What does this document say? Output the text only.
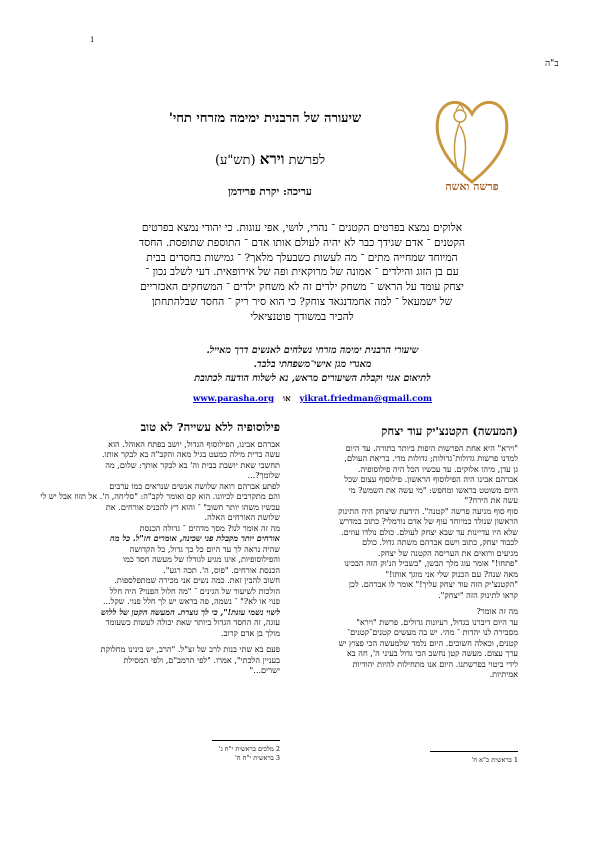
1
ב"ה
פרשה ואשה
שיעורה של הרבנית ימימה מזרחי תחי'
לפרשת וירא (תש"ע)
עריכה: יקרת פרידמן
אלוקים נמצא בפרטים הקטנים ־ נהרי, לושי, אפי עוגות. כי יהודי נמצא בפרטים
הקטנים ־ אדם שגידך כבר לא יהיה לעולם אותו אדם ־ התוספת שתופסת. החסד
המיוחד שמחייה מתים ־ מה לעשות כשבעלך מלאך? ־ גמישות בחסדים בבית
עם בן הזוג והילדים ־ אמונה של מרוקאית ופה של אירופאית. דעי לשלב נכון ־
יצחק עומד על הראש ־ משחק ילדים זה לא משחק ילדים ־ המשחקים האכזריים
של ישמעאל ־ למה אחמדנגאד צוחק? כי הוא סיר ריק ־ החסד שבלהתחתן
להכיר במשודך פוטנציאלי
שיעורי הרבנית ימימה מזרחי נשלחים לאנשים דרך מאייל.
מאגרי מגן אישי־משפחתי בלבד.
לתיאום אגוי וקבלת השיעורים מראש, נא לשלוח הודעה לכתובת
www.parasha.org או yikrat.friedman@gmail.com
(המעשה) הקטנצ'יק עוד יצחק
"וירא" היא אחת הפרשות היפות ביותר בתורה. עד היום
למדנו פרשות גדולות־גדולות; גדולות מדי. בריאת העולם,
גן עדן, מיהו אלוקים. עד עכשיו הכל היה פילוסופיה.
אברהם אבינו היה הפילוסוף הראשון. פילוסוף עצום שכל
היום משוטט בראשו ומחפש: "מי עשה את השמש? מי
עשה את הירח?"
סוף סוף מגיעה פרשה "קטנה". הידעת שיצחק היה התינוק
הראשון שנולד במיוחד עוף של אדם נורמלי? כתוב במדרש
שלא היו עדיינות עד שבא יצחק לעולם. כולם נולדו עוזים.
לכבוד יצחק, כתוב וישם אברהם משתה גדול. כולם
מגיעים ורואים את העריסה הקטנה של יצחק.
"פתחו!" אומר עוג מלך הבשן, "בשביל הנ'וק הזה הבכינו
מאה שנה? עם הכנוק שלי אני מוגך אותו!"
"הקטנצ'יק הזה עוד יצחק עליך!" אומר לו אברהם. לכן
קראו לתינוק הזה "יצחק".
מה זה אומר?
עד היום דיברנו בגדול, רעיונות גדולים. פרשת "וירא"
מסבירה לנו יהדות ־ מהי. יש בה מעשים קטנים־קטנים־
קטנים, וכאלה חשובים. היום נלמד שלמעשה הכי פצוץ יש
ערך עצום. מעשה קטן נחשב הכי גדול בעיני ה', חה בא
לידי ביטוי בפרשתנו. היום אנו מתחילות להיות יהודיות
אמיתיות.
פילוסופיה ללא עשייה? לא טוב
אברהם אבינו, הפילוסוף הגדול, יושב בפתח האוהל. הוא
עשה ברית מילה כמעט בגיל מאה והקב"ה בא לבקר אותו.
תחשבי שאת יושבת בבית וה' בא לבקר אותך: שלום, מה
שלומך?...
לפתע אברהם רואה שלושה אנשים שנראים כמו ערבים
והם מתקרבים לכיוונו. הוא קם ואומר לקב"ה: "סליחה, ה'. אל תזוז אבל יש לי
עכשיו משהו יותר חשוב" ־ והוא רץ להכניס אורחים. את
שלושת האורחים האלה.
מה זה אומר לנו? מסך מדהים ־ גדולה הכנסת
אורחים יותר מקבלת פני שכינה, אומרים חז"ל. כל מה
שהיה נראה לך עד היום כל כך גדול, כל הקדושה
והפילוסופיות, אינו מגיע לגודלו של מעשה חסד כמו
הכנסת אורחים. "פוס, ה'. תכה רגע".
חשוב להבין זאת. כמה נשים אני מכירה שמתפלספות.
הולכות לשיעור של הגינים ־ "מה חלול הפנוי? היה חלל
פנוי או לא?" ־ נשמה, פה בראש יש לך חלל פנוי. שקל...
לשוי נשמי עוגת!", כי לך נוצרת. המעשה הקטן של ללוש
עוגה, זה החסד הגדול ביותר שאת יכולה לעשות כשעומד
מולך בן אדם קרוב.
פעם בא שתי בנות לרב של זצ"ל. "הרב, יש בינינו מחלוקת
בעניין הלכתי", אמרו. "לפי הרמב"ם, ולפי המסילת
ישרים..."
2 מלכים בראשית י"ח ג'
3 בראשית י"ח ח'	1 בראשית כ"א ח'
